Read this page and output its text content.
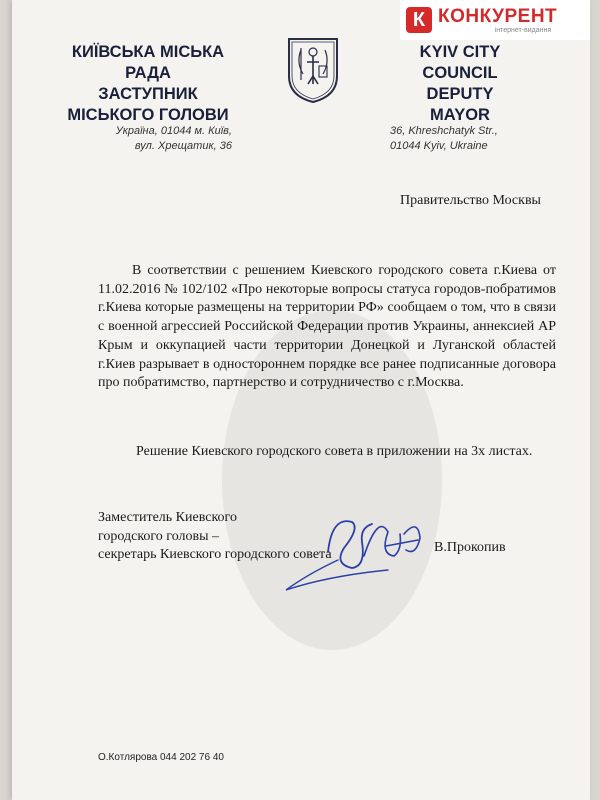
К КОНКУРЕНТ
інтернет-видання
КИЇВСЬКА МІСЬКА РАДА
ЗАСТУПНИК
МІСЬКОГО ГОЛОВИ
KYIV CITY COUNCIL
DEPUTY
MAYOR
Україна, 01044 м. Київ,
вул. Хрещатик, 36
36, Khreshchatyk Str.,
01044 Kyiv, Ukraine
Правительство Москвы
В соответствии с решением Киевского городского совета г.Киева от 11.02.2016 № 102/102 «Про некоторые вопросы статуса городов-побратимов г.Киева которые размещены на территории РФ» сообщаем о том, что в связи с военной агрессией Российской Федерации против Украины, аннексией АР Крым и оккупацией части территории Донецкой и Луганской областей г.Киев разрывает в одностороннем порядке все ранее подписанные договора про побратимство, партнерство и сотрудничество с г.Москва.
Решение Киевского городского совета в приложении на 3х листах.
Заместитель Киевского
городского головы –
секретарь Киевского городского совета	В.Прокопив
О.Котлярова 044 202 76 40
